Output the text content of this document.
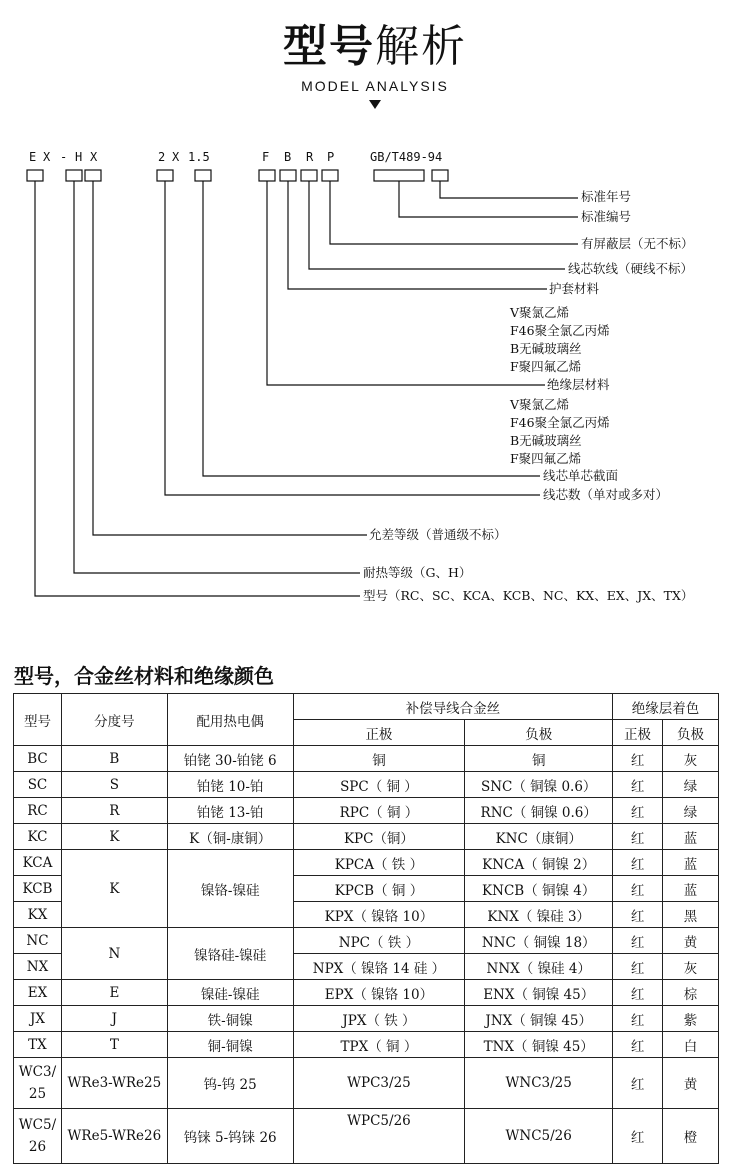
型号解析
MODEL ANALYSIS
E X - H X	2 X 1.5	F B R P	GB/T489-94
标准年号
标准编号
有屏蔽层（无不标）
线芯软线（硬线不标）
护套材料
V聚氯乙烯
F46聚全氯乙丙烯
B无碱玻璃丝
F聚四氟乙烯
绝缘层材料
V聚氯乙烯
F46聚全氯乙丙烯
B无碱玻璃丝
F聚四氟乙烯
线芯单芯截面
线芯数（单对或多对）
允差等级（普通级不标）
耐热等级（G、H）
型号（RC、SC、KCA、KCB、NC、KX、EX、JX、TX）
型号，合金丝材料和绝缘颜色
型号	分度号	配用热电偶	补偿导线合金丝		绝缘层着色	
			正极	负极	正极	负极
BC	B	铂铑 30-铂铑 6	铜	铜	红	灰
SC	S	铂铑 10-铂	SPC（ 铜 ）	SNC（ 铜镍 0.6）	红	绿
RC	R	铂铑 13-铂	RPC（ 铜 ）	RNC（ 铜镍 0.6）	红	绿
KC	K	K（铜-康铜）	KPC（铜）	KNC（康铜）	红	蓝
KCA	K	镍铬-镍硅	KPCA（ 铁 ）	KNCA（ 铜镍 2）	红	蓝
KCB			KPCB（ 铜 ）	KNCB（ 铜镍 4）	红	蓝
KX			KPX（ 镍铬 10）	KNX（ 镍硅 3）	红	黑
NC	N	镍铬硅-镍硅	NPC（ 铁 ）	NNC（ 铜镍 18）	红	黄
NX			NPX（ 镍铬 14 硅 ）	NNX（ 镍硅 4）	红	灰
EX	E	镍硅-镍硅	EPX（ 镍铬 10）	ENX（ 铜镍 45）	红	棕
JX	J	铁-铜镍	JPX（ 铁 ）	JNX（ 铜镍 45）	红	紫
TX	T	铜-铜镍	TPX（ 铜 ）	TNX（ 铜镍 45）	红	白
WC3/25	WRe3-WRe25	钨-钨 25	WPC3/25	WNC3/25	红	黄
WC5/26	WRe5-WRe26	钨铼 5-钨铼 26	WPC5/26	WNC5/26	红	橙
